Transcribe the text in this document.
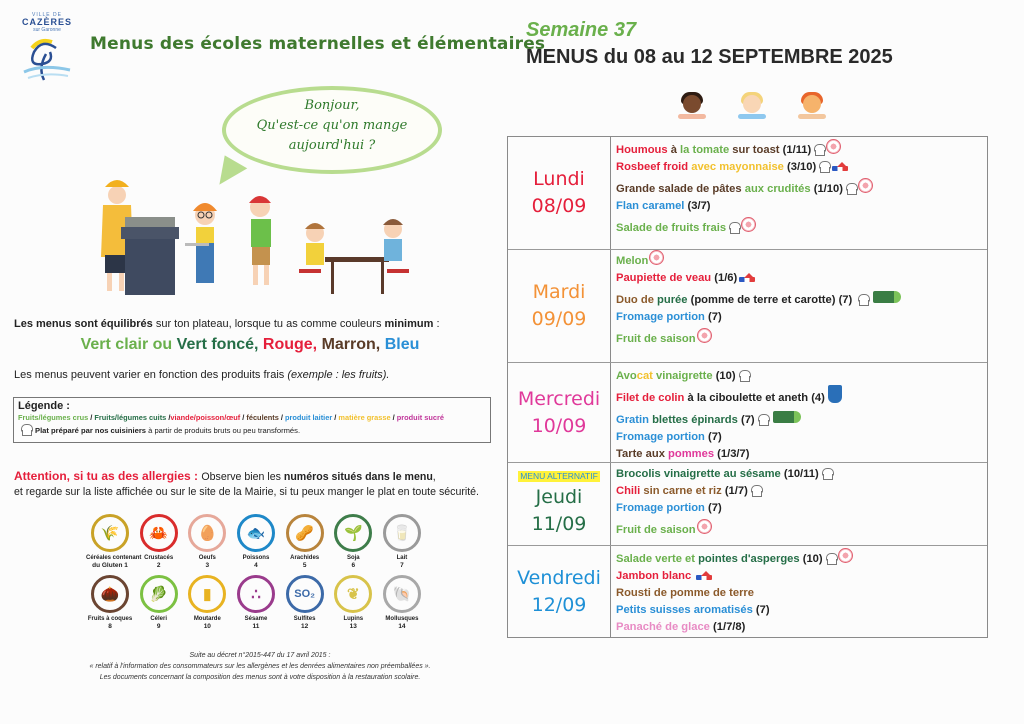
VILLE DE
CAZÈRES
sur Garonne
Menus des écoles maternelles et élémentaires
Semaine 37
MENUS du 08 au 12 SEPTEMBRE 2025
Bonjour,
Qu'est-ce qu'on mange
aujourd'hui ?
Les menus sont équilibrés sur ton plateau, lorsque tu as comme couleurs minimum :
Vert clair ou Vert foncé, Rouge, Marron, Bleu
Les menus peuvent varier en fonction des produits frais (exemple : les fruits).
Légende :
Fruits/légumes crus / Fruits/légumes cuits /viande/poisson/œuf / féculents / produit laitier / matière grasse / produit sucré
Plat préparé par nos cuisiniers à partir de produits bruts ou peu transformés.
Attention, si tu as des allergies : Observe bien les numéros situés dans le menu,
et regarde sur la liste affichée ou sur le site de la Mairie, si tu peux manger le plat en toute sécurité.
🌾
Céréales contenant
du Gluten 1
🦀
Crustacés
2
🥚
Oeufs
3
🐟
Poissons
4
🥜
Arachides
5
🌱
Soja
6
🥛
Lait
7
🌰
Fruits à coques
8
🥬
Céleri
9
▮
Moutarde
10
∴
Sésame
11
SO₂
Sulfites
12
❦
Lupins
13
🐚
Mollusques
14
Suite au décret n°2015-447 du 17 avril 2015 :
« relatif à l'information des consommateurs sur les allergènes et les denrées alimentaires non préemballées ».
Les documents concernant la composition des menus sont à votre disposition à la restauration scolaire.
Lundi
08/09
Houmous à la tomate sur toast (1/11)
Rosbeef froid avec mayonnaise (3/10)
Grande salade de pâtes aux crudités (1/10)
Flan caramel (3/7)
Salade de fruits frais
Mardi
09/09
Melon
Paupiette de veau (1/6)
Duo de purée (pomme de terre et carotte) (7)
Fromage portion (7)
Fruit de saison
Mercredi
10/09
Avo cat vinaigrette (10)
Filet de colin à la ciboulette et aneth (4)
Gratin blettes épinards (7)
Fromage portion (7)
Tarte aux pommes (1/3/7)
MENU ALTERNATIF
Jeudi
11/09
Brocolis vinaigrette au sésame (10/11)
Chili sin carne et riz (1/7)
Fromage portion (7)
Fruit de saison
Vendredi
12/09
Salade verte et pointes d'asperges (10)
Jambon blanc
Rousti de pomme de terre
Petits suisses aromatisés (7)
Panaché de glace (1/7/8)
